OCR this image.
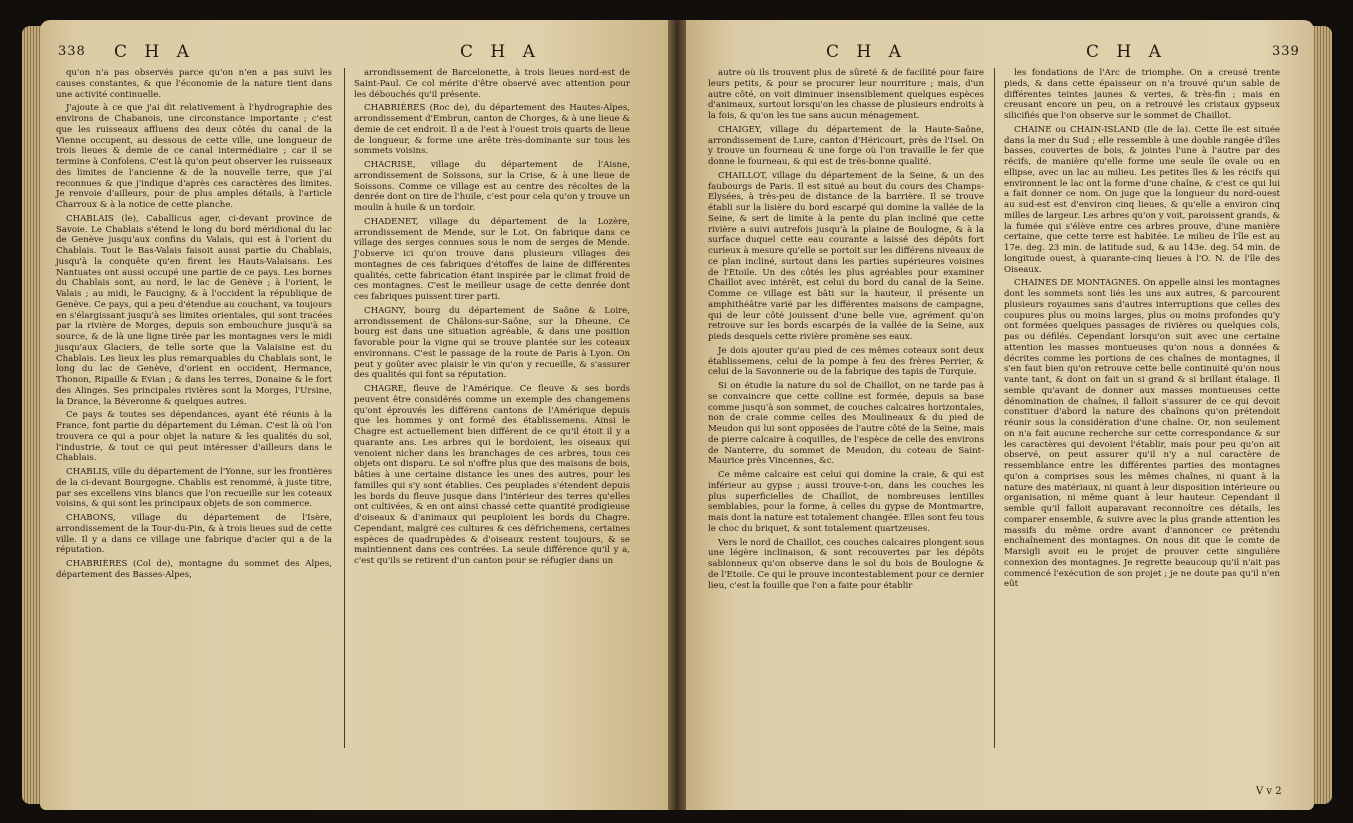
338 C H A	C H A

qu'on n'a pas observés parce qu'on n'en a pas suivi les causes constantes, & que l'économie de la nature tient dans une activité continuelle.

J'ajoute à ce que j'ai dit relativement à l'hydrographie des environs de Chabanois, une circonstance importante ; c'est que les ruisseaux affluens des deux côtés du canal de la Vienne occupent, au dessous de cette ville, une longueur de trois lieues & demie de ce canal intermédiaire ; car il se termine à Confolens. C'est là qu'on peut observer les ruisseaux des limites de l'ancienne & de la nouvelle terre, que j'ai reconnues & que j'indique d'après ces caractères des limites. Je renvoie d'ailleurs, pour de plus amples détails, à l'article Charroux & à la notice de cette planche.

CHABLAIS (le), Caballicus ager, ci-devant province de Savoie. Le Chablais s'étend le long du bord méridional du lac de Genève jusqu'aux confins du Valais, qui est à l'orient du Chablais. Tout le Bas-Valais faisoit aussi partie du Chablais, jusqu'à la conquête qu'en firent les Hauts-Valaisans. Les Nantuates ont aussi occupé une partie de ce pays. Les bornes du Chablais sont, au nord, le lac de Genève ; à l'orient, le Valais ; au midi, le Faucigny, & à l'occident la république de Genève. Ce pays, qui a peu d'étendue au couchant, va toujours en s'élargissant jusqu'à ses limites orientales, qui sont tracées par la rivière de Morges, depuis son embouchure jusqu'à sa source, & de là une ligne tirée par les montagnes vers le midi jusqu'aux Glaciers, de telle sorte que la Valaisine est du Chablais. Les lieux les plus remarquables du Chablais sont, le long du lac de Genève, d'orient en occident, Hermance, Thonon, Ripaille & Evian ; & dans les terres, Donaine & le fort des Alinges. Ses principales rivières sont la Morges, l'Ursine, la Drance, la Béveronne & quelques autres.

Ce pays & toutes ses dépendances, ayant été réunis à la France, font partie du département du Léman. C'est là où l'on trouvera ce qui a pour objet la nature & les qualités du sol, l'industrie, & tout ce qui peut intéresser d'ailleurs dans le Chablais.

CHABLIS, ville du département de l'Yonne, sur les frontières de la ci-devant Bourgogne. Chablis est renommé, à juste titre, par ses excellens vins blancs que l'on recueille sur les coteaux voisins, & qui sont les principaux objets de son commerce.

CHABONS, village du département de l'Isère, arrondissement de la Tour-du-Pin, & à trois lieues sud de cette ville. Il y a dans ce village une fabrique d'acier qui a de la réputation.

CHABRIÈRES (Col de), montagne du sommet des Alpes, département des Basses-Alpes,

arrondissement de Barcelonette, à trois lieues nord-est de Saint-Paul. Ce col mérite d'être observé avec attention pour les débouchés qu'il présente.

CHABRIÈRES (Roc de), du département des Hautes-Alpes, arrondissement d'Embrun, canton de Chorges, & à une lieue & demie de cet endroit. Il a de l'est à l'ouest trois quarts de lieue de longueur, & forme une arête très-dominante sur tous les sommets voisins.

CHACRISE, village du département de l'Aisne, arrondissement de Soissons, sur la Crise, & à une lieue de Soissons. Comme ce village est au centre des récoltes de la denrée dont on tire de l'huile, c'est pour cela qu'on y trouve un moulin à huile & un tordoir.

CHADENET, village du département de la Lozère, arrondissement de Mende, sur le Lot. On fabrique dans ce village des serges connues sous le nom de serges de Mende. J'observe ici qu'on trouve dans plusieurs villages des montagnes de ces fabriques d'étoffes de laine de différentes qualités, cette fabrication étant inspirée par le climat froid de ces montagnes. C'est le meilleur usage de cette denrée dont ces fabriques puissent tirer parti.

CHAGNY, bourg du département de Saône & Loire, arrondissement de Châlons-sur-Saône, sur la Dheune. Ce bourg est dans une situation agréable, & dans une position favorable pour la vigne qui se trouve plantée sur les coteaux environnans. C'est le passage de la route de Paris à Lyon. On peut y goûter avec plaisir le vin qu'on y recueille, & s'assurer des qualités qui font sa réputation.

CHAGRE, fleuve de l'Amérique. Ce fleuve & ses bords peuvent être considérés comme un exemple des changemens qu'ont éprouvés les différens cantons de l'Amérique depuis que les hommes y ont formé des établissemens. Ainsi le Chagre est actuellement bien différent de ce qu'il étoit il y a quarante ans. Les arbres qui le bordoient, les oiseaux qui venoient nicher dans les branchages de ces arbres, tous ces objets ont disparu. Le sol n'offre plus que des maisons de bois, bâties à une certaine distance les unes des autres, pour les familles qui s'y sont établies. Ces peuplades s'étendent depuis les bords du fleuve jusque dans l'intérieur des terres qu'elles ont cultivées, & en ont ainsi chassé cette quantité prodigieuse d'oiseaux & d'animaux qui peuploient les bords du Chagre. Cependant, malgré ces cultures & ces défrichemens, certaines espèces de quadrupèdes & d'oiseaux restent toujours, & se maintiennent dans ces contrées. La seule différence qu'il y a, c'est qu'ils se retirent d'un canton pour se réfugier dans un

C H A	C H A	339

autre où ils trouvent plus de sûreté & de facilité pour faire leurs petits, & pour se procurer leur nourriture ; mais, d'un autre côté, on voit diminuer insensiblement quelques espèces d'animaux, surtout lorsqu'on les chasse de plusieurs endroits à la fois, & qu'on les tue sans aucun ménagement.

CHAIGEY, village du département de la Haute-Saône, arrondissement de Lure, canton d'Héricourt, près de l'Isel. On y trouve un fourneau & une forge où l'on travaille le fer que donne le fourneau, & qui est de très-bonne qualité.

CHAILLOT, village du département de la Seine, & un des faubourgs de Paris. Il est situé au bout du cours des Champs-Elysées, à très-peu de distance de la barrière. Il se trouve établi sur la lisière du bord escarpé qui domine la vallée de la Seine, & sert de limite à la pente du plan incliné que cette rivière a suivi autrefois jusqu'à la plaine de Boulogne, & à la surface duquel cette eau courante a laissé des dépôts fort curieux à mesure qu'elle se portoit sur les différens niveaux de ce plan incliné, surtout dans les parties supérieures voisines de l'Etoile. Un des côtés les plus agréables pour examiner Chaillot avec intérêt, est celui du bord du canal de la Seine. Comme ce village est bâti sur la hauteur, il présente un amphithéâtre varié par les différentes maisons de campagne, qui de leur côté jouissent d'une belle vue, agrément qu'on retrouve sur les bords escarpés de la vallée de la Seine, aux pieds desquels cette rivière promène ses eaux.

Je dois ajouter qu'au pied de ces mêmes coteaux sont deux établissemens, celui de la pompe à feu des frères Perrier, & celui de la Savonnerie ou de la fabrique des tapis de Turquie.

Si on étudie la nature du sol de Chaillot, on ne tarde pas à se convaincre que cette colline est formée, depuis sa base comme jusqu'à son sommet, de couches calcaires horizontales, non de craie comme celles des Moulineaux & du pied de Meudon qui lui sont opposées de l'autre côté de la Seine, mais de pierre calcaire à coquilles, de l'espèce de celle des environs de Nanterre, du sommet de Meudon, du coteau de Saint-Maurice près Vincennes, &c.

Ce même calcaire est celui qui domine la craie, & qui est inférieur au gypse ; aussi trouve-t-on, dans les couches les plus superficielles de Chaillot, de nombreuses lentilles semblables, pour la forme, à celles du gypse de Montmartre, mais dont la nature est totalement changée. Elles sont feu tous le choc du briquet, & sont totalement quartzeuses.

Vers le nord de Chaillot, ces couches calcaires plongent sous une légère inclinaison, & sont recouvertes par les dépôts sablonneux qu'on observe dans le sol du bois de Boulogne & de l'Etoile. Ce qui le prouve incontestablement pour ce dernier lieu, c'est la fouille que l'on a faite pour établir

les fondations de l'Arc de triomphe. On a creusé trente pieds, & dans cette épaisseur on n'a trouvé qu'un sable de différentes teintes jaunes & vertes, & très-fin ; mais en creusant encore un peu, on a retrouvé les cristaux gypseux silicifiés que l'on observe sur le sommet de Chaillot.

CHAINE ou CHAIN-ISLAND (Ile de la). Cette île est située dans la mer du Sud ; elle ressemble à une double rangée d'îles basses, couvertes de bois, & jointes l'une à l'autre par des récifs, de manière qu'elle forme une seule île ovale ou en ellipse, avec un lac au milieu. Les petites îles & les récifs qui environnent le lac ont la forme d'une chaîne, & c'est ce qui lui a fait donner ce nom. On juge que la longueur du nord-ouest au sud-est est d'environ cinq lieues, & qu'elle a environ cinq milles de largeur. Les arbres qu'on y voit, paroissent grands, & la fumée qui s'élève entre ces arbres prouve, d'une manière certaine, que cette terre est habitée. Le milieu de l'île est au 17e. deg. 23 min. de latitude sud, & au 143e. deg. 54 min. de longitude ouest, à quarante-cinq lieues à l'O. N. de l'île des Oiseaux.

CHAINES DE MONTAGNES. On appelle ainsi les montagnes dont les sommets sont liés les uns aux autres, & parcourent plusieurs royaumes sans d'autres interruptions que celles des coupures plus ou moins larges, plus ou moins profondes qu'y ont formées quelques passages de rivières ou quelques cols, pas ou défilés. Cependant lorsqu'on suit avec une certaine attention les masses montueuses qu'on nous a données & décrites comme les portions de ces chaînes de montagnes, il s'en faut bien qu'on retrouve cette belle continuité qu'on nous vante tant, & dont on fait un si grand & si brillant étalage. Il semble qu'avant de donner aux masses montueuses cette dénomination de chaînes, il falloit s'assurer de ce qui devoit constituer d'abord la nature des chaînons qu'on prétendoit réunir sous la considération d'une chaîne. Or, non seulement on n'a fait aucune recherche sur cette correspondance & sur les caractères qui devoient l'établir, mais pour peu qu'on ait observé, on peut assurer qu'il n'y a nul caractère de ressemblance entre les différentes parties des montagnes qu'on a comprises sous les mêmes chaînes, ni quant à la nature des matériaux, ni quant à leur disposition intérieure ou organisation, ni même quant à leur hauteur. Cependant il semble qu'il falloit auparavant reconnoître ces détails, les comparer ensemble, & suivre avec la plus grande attention les massifs du même ordre avant d'annoncer ce prétendu enchaînement des montagnes. On nous dit que le comte de Marsigli avoit eu le projet de prouver cette singulière connexion des montagnes. Je regrette beaucoup qu'il n'ait pas commencé l'exécution de son projet ; je ne doute pas qu'il n'en eût

V v 2
